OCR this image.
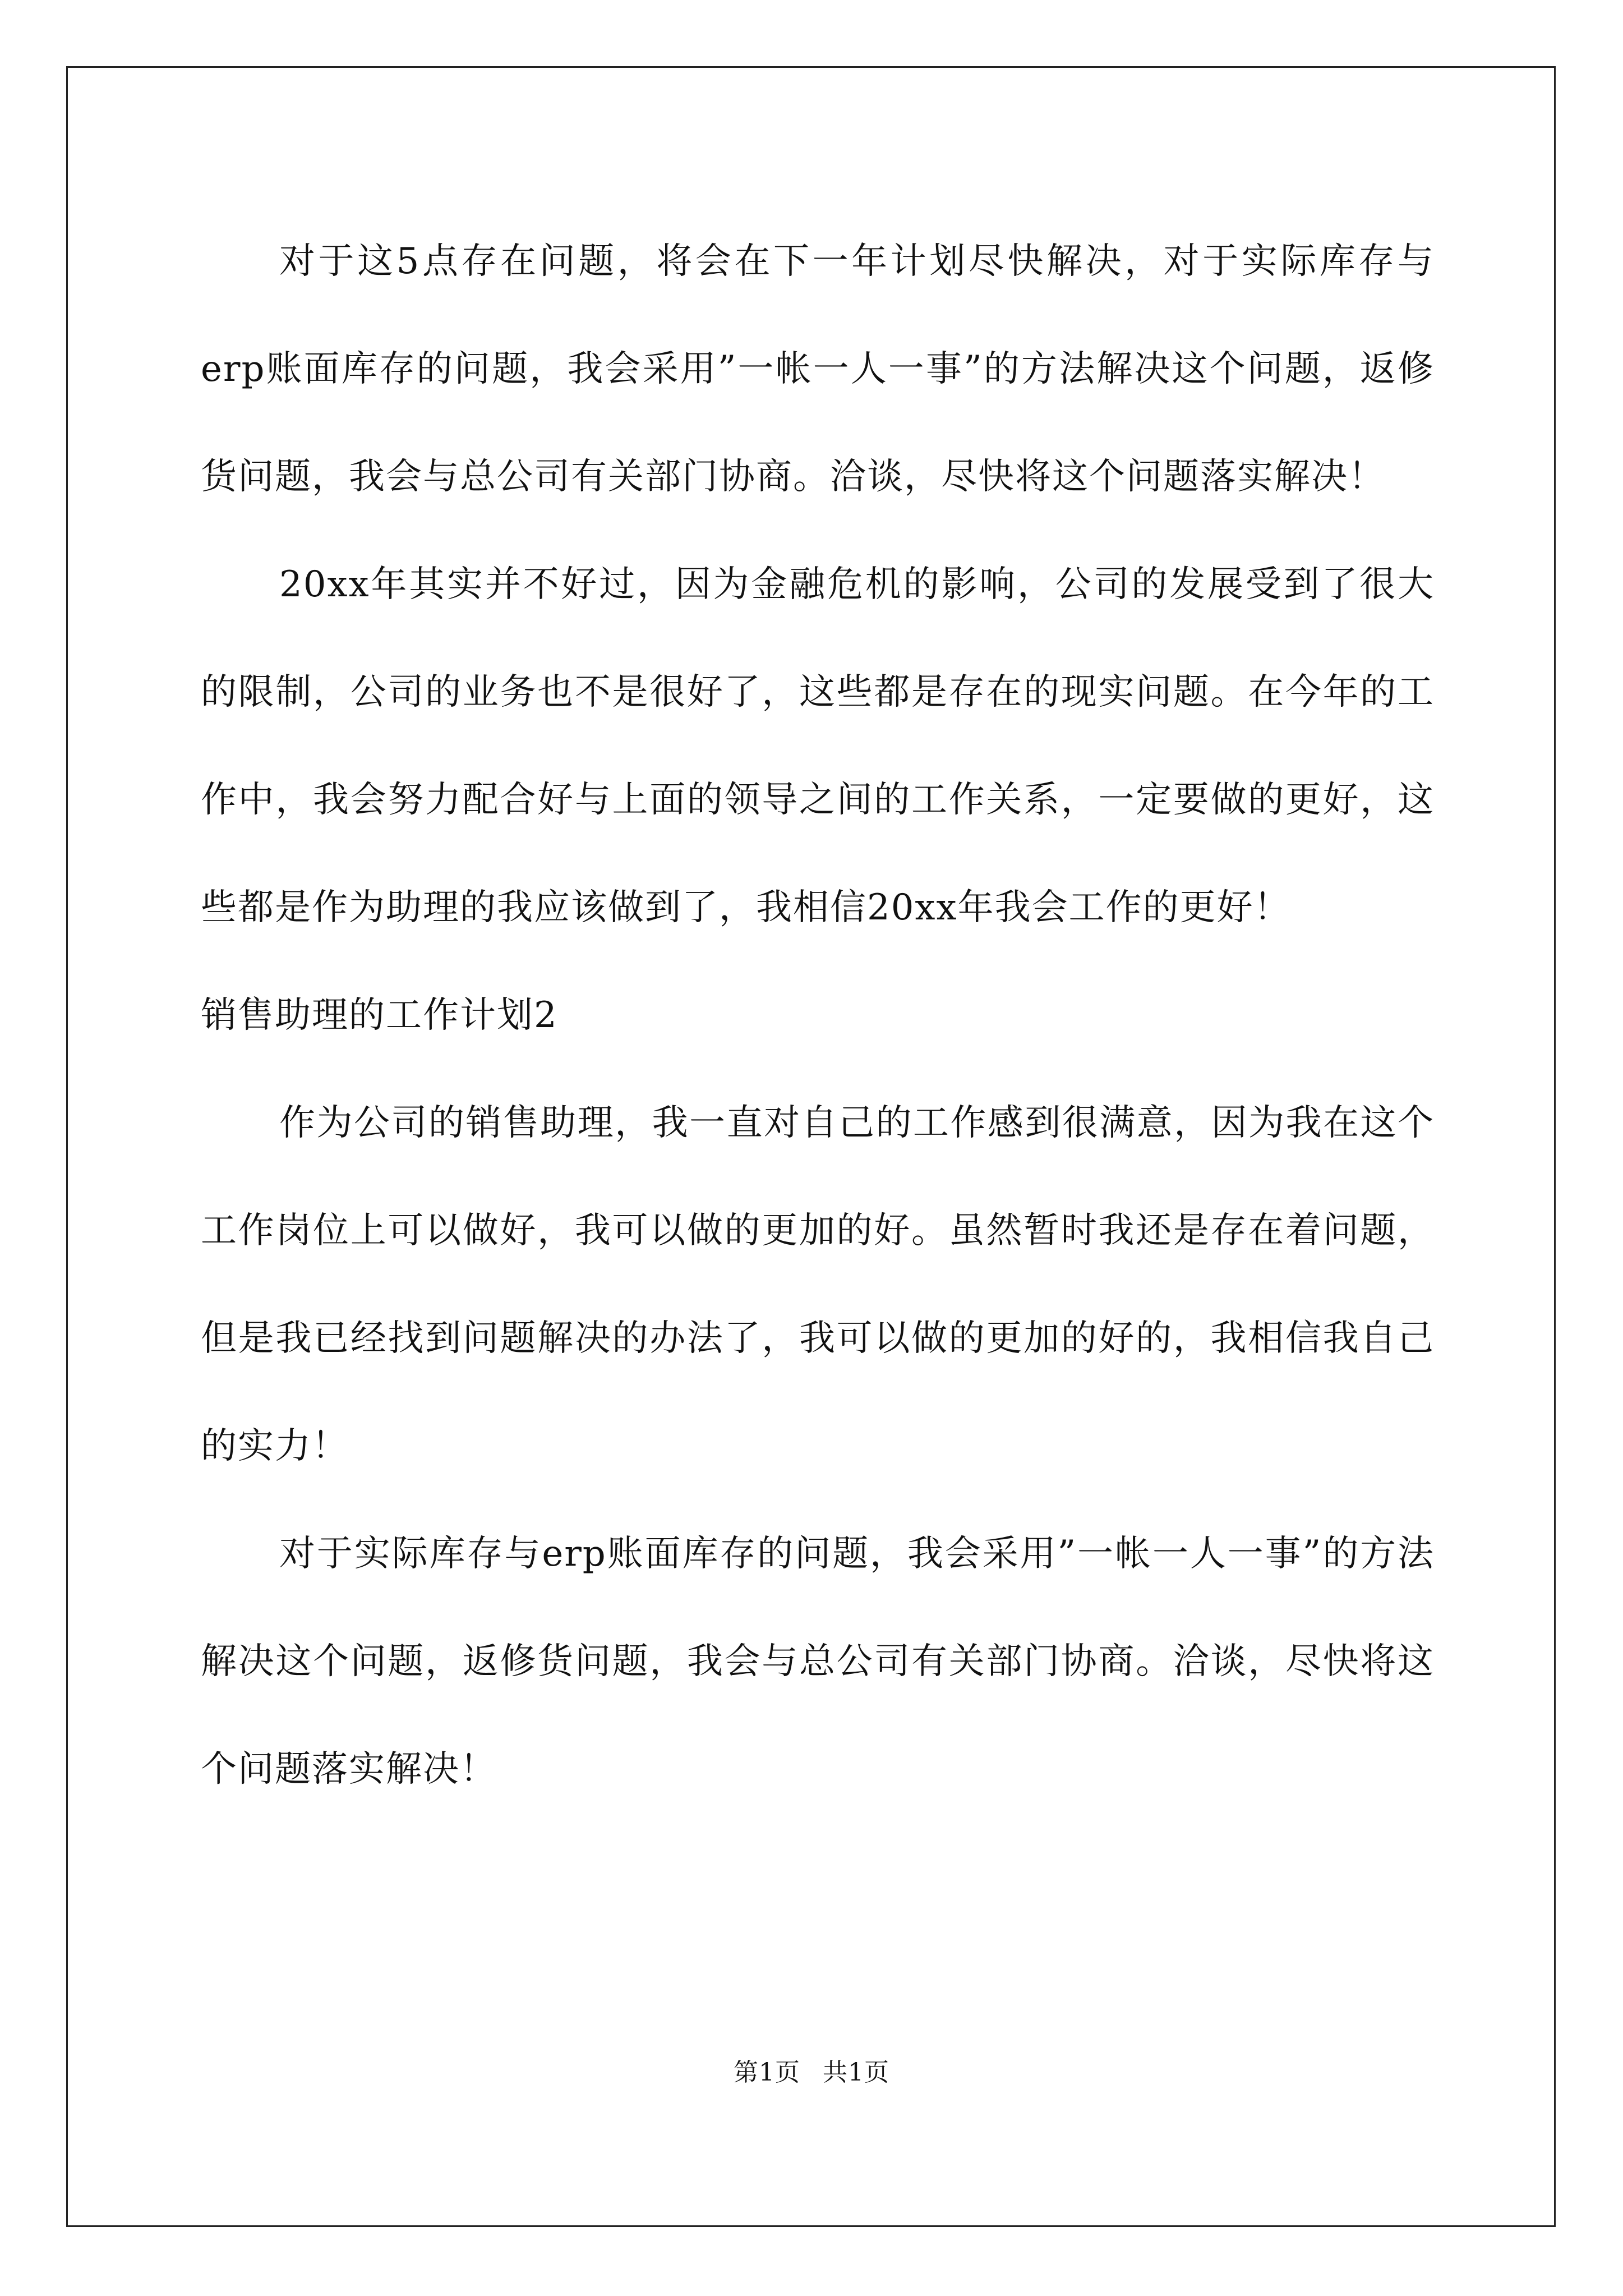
对于这5点存在问题，将会在下一年计划尽快解决，对于实际库存与erp账面库存的问题，我会采用”一帐一人一事”的方法解决这个问题，返修货问题，我会与总公司有关部门协商。洽谈，尽快将这个问题落实解决！

20xx年其实并不好过，因为金融危机的影响，公司的发展受到了很大的限制，公司的业务也不是很好了，这些都是存在的现实问题。在今年的工作中，我会努力配合好与上面的领导之间的工作关系，一定要做的更好，这些都是作为助理的我应该做到了，我相信20xx年我会工作的更好！

销售助理的工作计划2

作为公司的销售助理，我一直对自己的工作感到很满意，因为我在这个工作岗位上可以做好，我可以做的更加的好。虽然暂时我还是存在着问题，但是我已经找到问题解决的办法了，我可以做的更加的好的，我相信我自己的实力！

对于实际库存与erp账面库存的问题，我会采用”一帐一人一事”的方法解决这个问题，返修货问题，我会与总公司有关部门协商。洽谈，尽快将这个问题落实解决！

第1页 共1页
